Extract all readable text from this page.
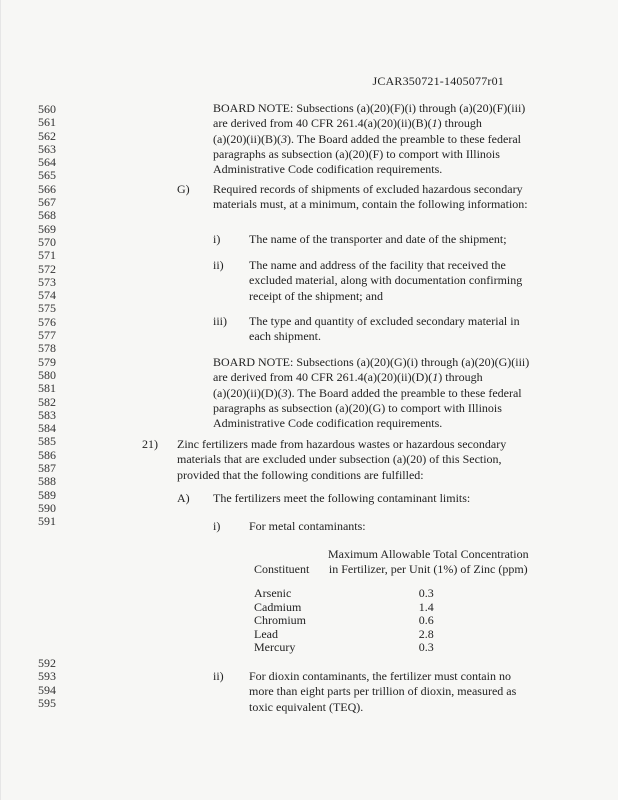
JCAR350721-1405077r01
560
561
562
563
564
565
566
567
568
569
570
571
572
573
574
575
576
577
578
579
580
581
582
583
584
585
586
587
588
589
590
591
592
593
594
595
BOARD NOTE: Subsections (a)(20)(F)(i) through (a)(20)(F)(iii)
are derived from 40 CFR 261.4(a)(20)(ii)(B)(1) through
(a)(20)(ii)(B)(3). The Board added the preamble to these federal
paragraphs as subsection (a)(20)(F) to comport with Illinois
Administrative Code codification requirements.
G) Required records of shipments of excluded hazardous secondary
materials must, at a minimum, contain the following information:
i) The name of the transporter and date of the shipment;
ii) The name and address of the facility that received the
excluded material, along with documentation confirming
receipt of the shipment; and
iii) The type and quantity of excluded secondary material in
each shipment.
BOARD NOTE: Subsections (a)(20)(G)(i) through (a)(20)(G)(iii)
are derived from 40 CFR 261.4(a)(20)(ii)(D)(1) through
(a)(20)(ii)(D)(3). The Board added the preamble to these federal
paragraphs as subsection (a)(20)(G) to comport with Illinois
Administrative Code codification requirements.
21) Zinc fertilizers made from hazardous wastes or hazardous secondary
materials that are excluded under subsection (a)(20) of this Section,
provided that the following conditions are fulfilled:
A) The fertilizers meet the following contaminant limits:
i) For metal contaminants:
Constituent	Maximum Allowable Total Concentration
in Fertilizer, per Unit (1%) of Zinc (ppm)

Arsenic	0.3
Cadmium	1.4
Chromium	0.6
Lead	2.8
Mercury	0.3
ii) For dioxin contaminants, the fertilizer must contain no
more than eight parts per trillion of dioxin, measured as
toxic equivalent (TEQ).
